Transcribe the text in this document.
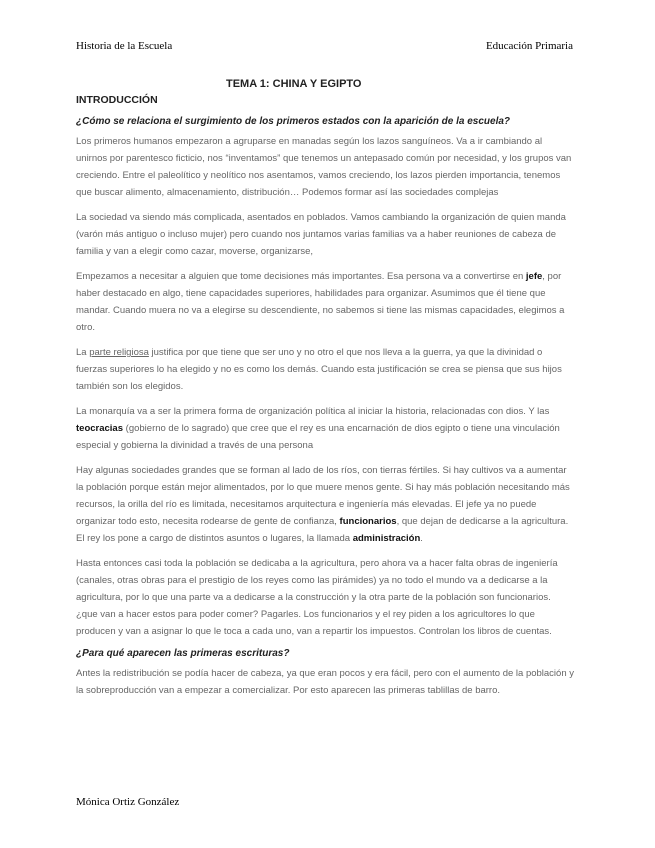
Historia de la Escuela	Educación Primaria
TEMA 1: CHINA Y EGIPTO
INTRODUCCIÓN
¿Cómo se relaciona el surgimiento de los primeros estados con la aparición de la escuela?

Los primeros humanos empezaron a agruparse en manadas según los lazos sanguíneos. Va a ir cambiando al unirnos por parentesco ficticio, nos “inventamos” que tenemos un antepasado común por necesidad, y los grupos van creciendo. Entre el paleolítico y neolítico nos asentamos, vamos creciendo, los lazos pierden importancia, tenemos que buscar alimento, almacenamiento, distribución… Podemos formar así las sociedades complejas

La sociedad va siendo más complicada, asentados en poblados. Vamos cambiando la organización de quien manda (varón más antiguo o incluso mujer) pero cuando nos juntamos varias familias va a haber reuniones de cabeza de familia y van a elegir como cazar, moverse, organizarse,

Empezamos a necesitar a alguien que tome decisiones más importantes. Esa persona va a convertirse en jefe, por haber destacado en algo, tiene capacidades superiores, habilidades para organizar. Asumimos que él tiene que mandar. Cuando muera no va a elegirse su descendiente, no sabemos si tiene las mismas capacidades, elegimos a otro.

La parte religiosa justifica por que tiene que ser uno y no otro el que nos lleva a la guerra, ya que la divinidad o fuerzas superiores lo ha elegido y no es como los demás. Cuando esta justificación se crea se piensa que sus hijos también son los elegidos.

La monarquía va a ser la primera forma de organización política al iniciar la historia, relacionadas con dios. Y las teocracias (gobierno de lo sagrado) que cree que el rey es una encarnación de dios egipto o tiene una vinculación especial y gobierna la divinidad a través de una persona

Hay algunas sociedades grandes que se forman al lado de los ríos, con tierras fértiles. Si hay cultivos va a aumentar la población porque están mejor alimentados, por lo que muere menos gente. Si hay más población necesitando más recursos, la orilla del río es limitada, necesitamos arquitectura e ingeniería más elevadas. El jefe ya no puede organizar todo esto, necesita rodearse de gente de confianza, funcionarios, que dejan de dedicarse a la agricultura. El rey los pone a cargo de distintos asuntos o lugares, la llamada administración.

Hasta entonces casi toda la población se dedicaba a la agricultura, pero ahora va a hacer falta obras de ingeniería (canales, otras obras para el prestigio de los reyes como las pirámides) ya no todo el mundo va a dedicarse a la agricultura, por lo que una parte va a dedicarse a la construcción y la otra parte de la población son funcionarios. ¿que van a hacer estos para poder comer? Pagarles. Los funcionarios y el rey piden a los agricultores lo que producen y van a asignar lo que le toca a cada uno, van a repartir los impuestos. Controlan los libros de cuentas.

¿Para qué aparecen las primeras escrituras?

Antes la redistribución se podía hacer de cabeza, ya que eran pocos y era fácil, pero con el aumento de la población y la sobreproducción van a empezar a comercializar. Por esto aparecen las primeras tablillas de barro.

Mónica Ortiz González
